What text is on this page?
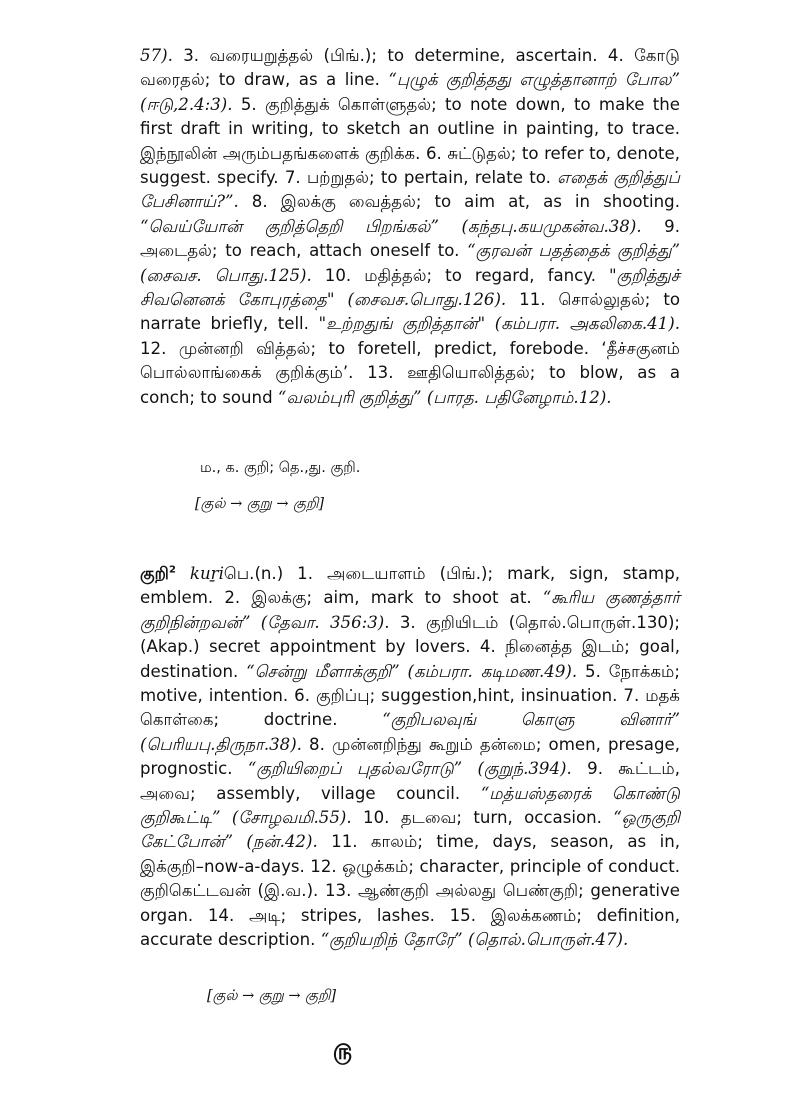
57). 3. வரையறுத்தல் (பிங்.); to determine, ascertain. 4. கோடு வரைதல்; to draw, as a line. “புழுக் குறித்தது எழுத்தானாற் போல” (ஈடு,2.4:3). 5. குறித்துக் கொள்ளுதல்; to note down, to make the first draft in writing, to sketch an outline in painting, to trace. இந்நூலின் அரும்பதங்களைக் குறிக்க. 6. சுட்டுதல்; to refer to, denote, suggest. specify. 7. பற்றுதல்; to pertain, relate to. எதைக் குறித்துப் பேசினாய்?”. 8. இலக்கு வைத்தல்; to aim at, as in shooting. “வெய்யோன் குறித்தெறி பிறங்கல்” (கந்தபு.கயமுகன்வ.38). 9. அடைதல்; to reach, attach oneself to. “குரவன் பதத்தைக் குறித்து” (சைவச. பொது.125). 10. மதித்தல்; to regard, fancy. "குறித்துச் சிவனெனக் கோபுரத்தை" (சைவச.பொது.126). 11. சொல்லுதல்; to narrate briefly, tell. "உற்றதுங் குறித்தான்" (கம்பரா. அகலிகை.41). 12. முன்னறி வித்தல்; to foretell, predict, forebode. ‘தீச்சகுனம் பொல்லாங்கைக் குறிக்கும்’. 13. ஊதியொலித்தல்; to blow, as a conch; to sound “வலம்புரி குறித்து” (பாரத. பதினேழாம்.12).
ம., க. குறி; தெ.,து. குறி.
[குல் → குறு → குறி]
குறி$^2$ kuṟiபெ.(n.) 1. அடையாளம் (பிங்.); mark, sign, stamp, emblem. 2. இலக்கு; aim, mark to shoot at. “கூரிய குணத்தார் குறிநின்றவன்” (தேவா. 356:3). 3. குறியிடம் (தொல்.பொருள்.130); (Akap.) secret appointment by lovers. 4. நினைத்த இடம்; goal, destination. “சென்று மீளாக்குறி” (கம்பரா. கடிமண.49). 5. நோக்கம்; motive, intention. 6. குறிப்பு; suggestion,hint, insinuation. 7. மதக் கொள்கை; doctrine. “குறிபலவுங் கொளு வினார்” (பெரியபு.திருநா.38). 8. முன்னறிந்து கூறும் தன்மை; omen, presage, prognostic. “குறியிறைப் புதல்வரோடு” (குறுந்.394). 9. கூட்டம், அவை; assembly, village council. “மத்யஸ்தரைக் கொண்டு குறிகூட்டி” (சோழவமி.55). 10. தடவை; turn, occasion. “ஒருகுறி கேட்போன்” (நன்.42). 11. காலம்; time, days, season, as in, இக்குறி–now-a-days. 12. ஒழுக்கம்; character, principle of conduct. குறிகெட்டவன் (இ.வ.). 13. ஆண்குறி அல்லது பெண்குறி; generative organ. 14. அடி; stripes, lashes. 15. இலக்கணம்; definition, accurate description. “குறியறிந் தோரே” (தொல்.பொருள்.47).
[குல் → குறு → குறி]
௫
